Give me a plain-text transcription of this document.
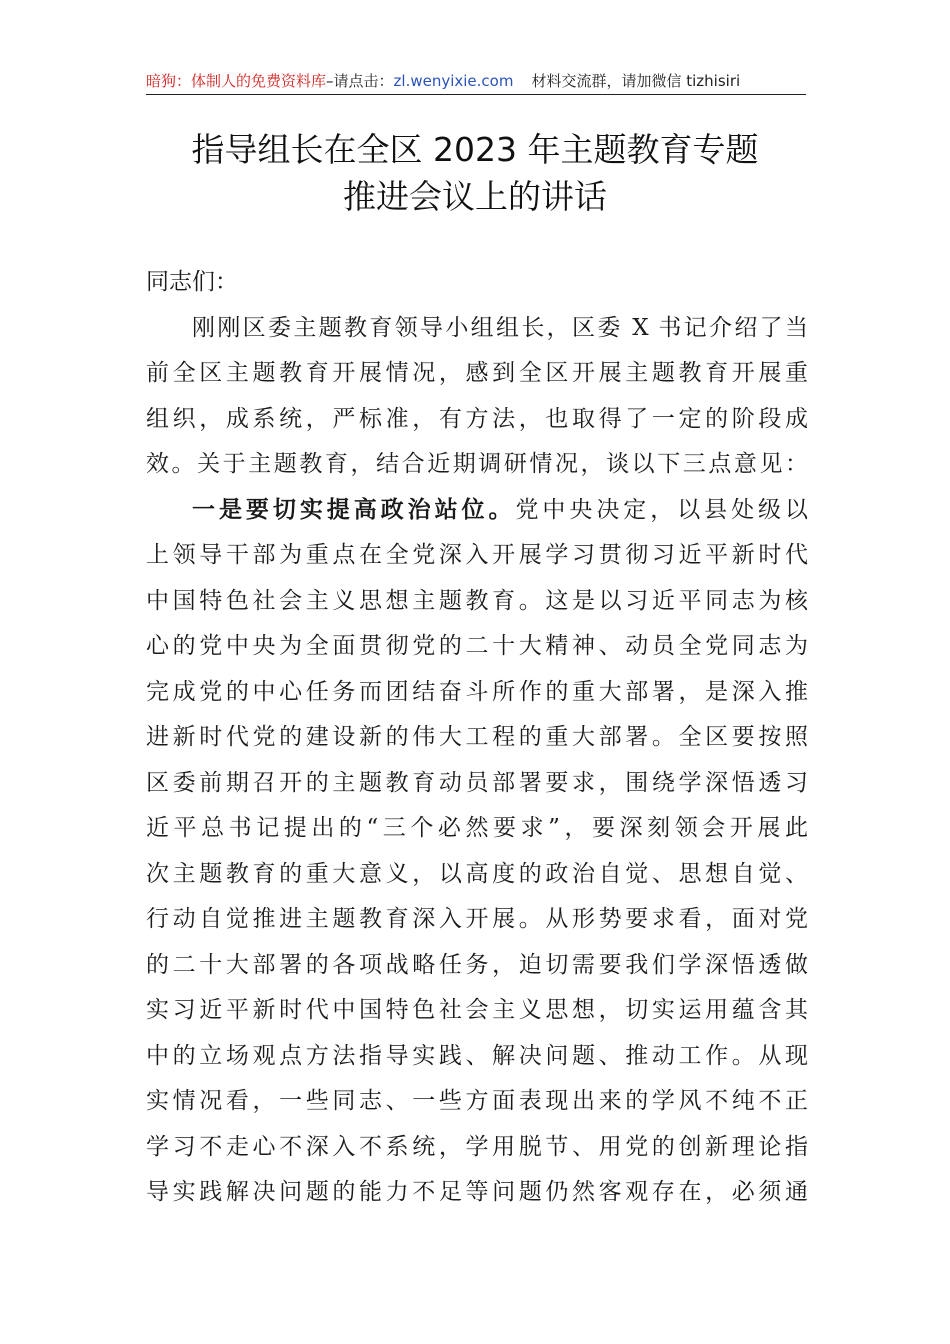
暗狗：体制人的免费资料库–请点击：zl.wenyixie.com 材料交流群，请加微信 tizhisiri
指导组长在全区 2023 年主题教育专题
推进会议上的讲话
同志们：
刚刚区委主题教育领导小组组长，区委 X 书记介绍了当
前全区主题教育开展情况，感到全区开展主题教育开展重
组织，成系统，严标准，有方法，也取得了一定的阶段成
效。关于主题教育，结合近期调研情况，谈以下三点意见：
一是要切实提高政治站位。党中央决定，以县处级以
上领导干部为重点在全党深入开展学习贯彻习近平新时代
中国特色社会主义思想主题教育。这是以习近平同志为核
心的党中央为全面贯彻党的二十大精神、动员全党同志为
完成党的中心任务而团结奋斗所作的重大部署，是深入推
进新时代党的建设新的伟大工程的重大部署。全区要按照
区委前期召开的主题教育动员部署要求，围绕学深悟透习
近平总书记提出的“三个必然要求”，要深刻领会开展此
次主题教育的重大意义，以高度的政治自觉、思想自觉、
行动自觉推进主题教育深入开展。从形势要求看，面对党
的二十大部署的各项战略任务，迫切需要我们学深悟透做
实习近平新时代中国特色社会主义思想，切实运用蕴含其
中的立场观点方法指导实践、解决问题、推动工作。从现
实情况看，一些同志、一些方面表现出来的学风不纯不正
学习不走心不深入不系统，学用脱节、用党的创新理论指
导实践解决问题的能力不足等问题仍然客观存在，必须通
